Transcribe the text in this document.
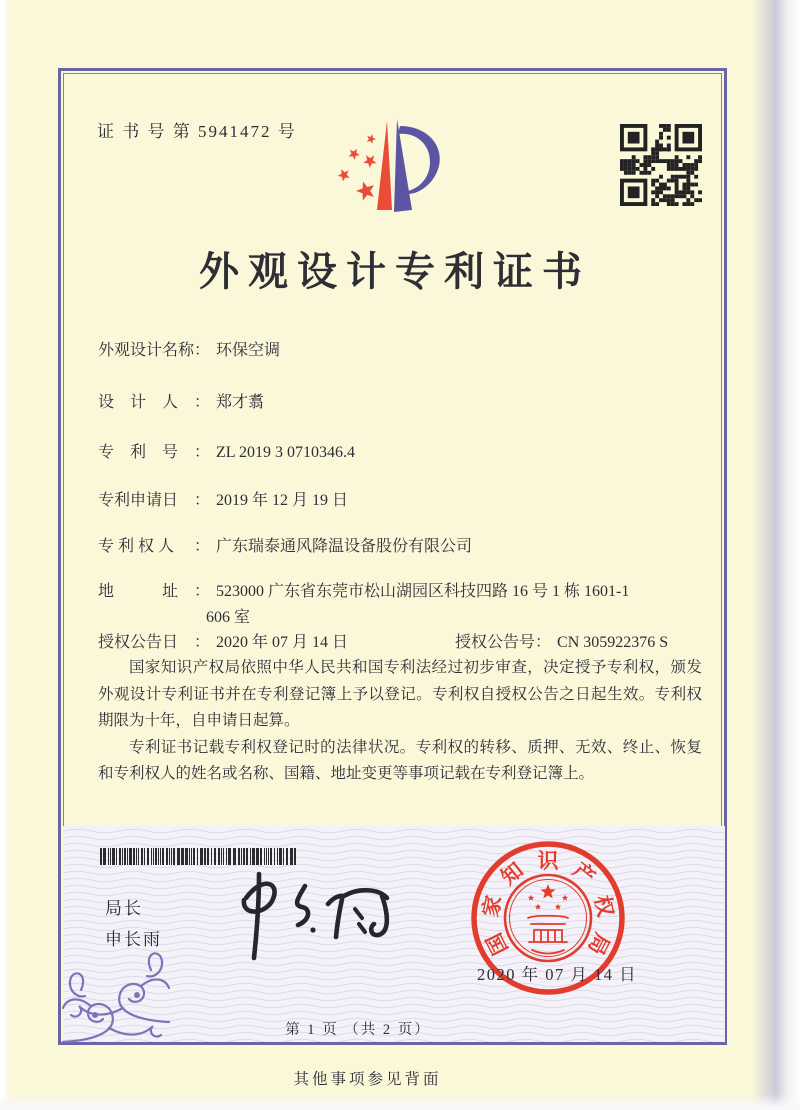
证 书 号 第 5941472 号
外观设计专利证书
外观设计名称： 环保空调
设　计　人 ： 郑才翥
专　利　号 ： ZL 2019 3 0710346.4
专利申请日 ： 2019 年 12 月 19 日
专 利 权 人 ： 广东瑞泰通风降温设备股份有限公司
地　　　址 ： 523000 广东省东莞市松山湖园区科技四路 16 号 1 栋 1601-1
606 室
授权公告日 ： 2020 年 07 月 14 日	授权公告号： CN 305922376 S

国家知识产权局依照中华人民共和国专利法经过初步审查，决定授予专利权，颁发外观设计专利证书并在专利登记簿上予以登记。专利权自授权公告之日起生效。专利权期限为十年，自申请日起算。

专利证书记载专利权登记时的法律状况。专利权的转移、质押、无效、终止、恢复和专利权人的姓名或名称、国籍、地址变更等事项记载在专利登记簿上。

局长
申长雨	国
家
知 识 产
权
局
2020 年 07 月 14 日
第 1 页 （共 2 页）
其他事项参见背面
